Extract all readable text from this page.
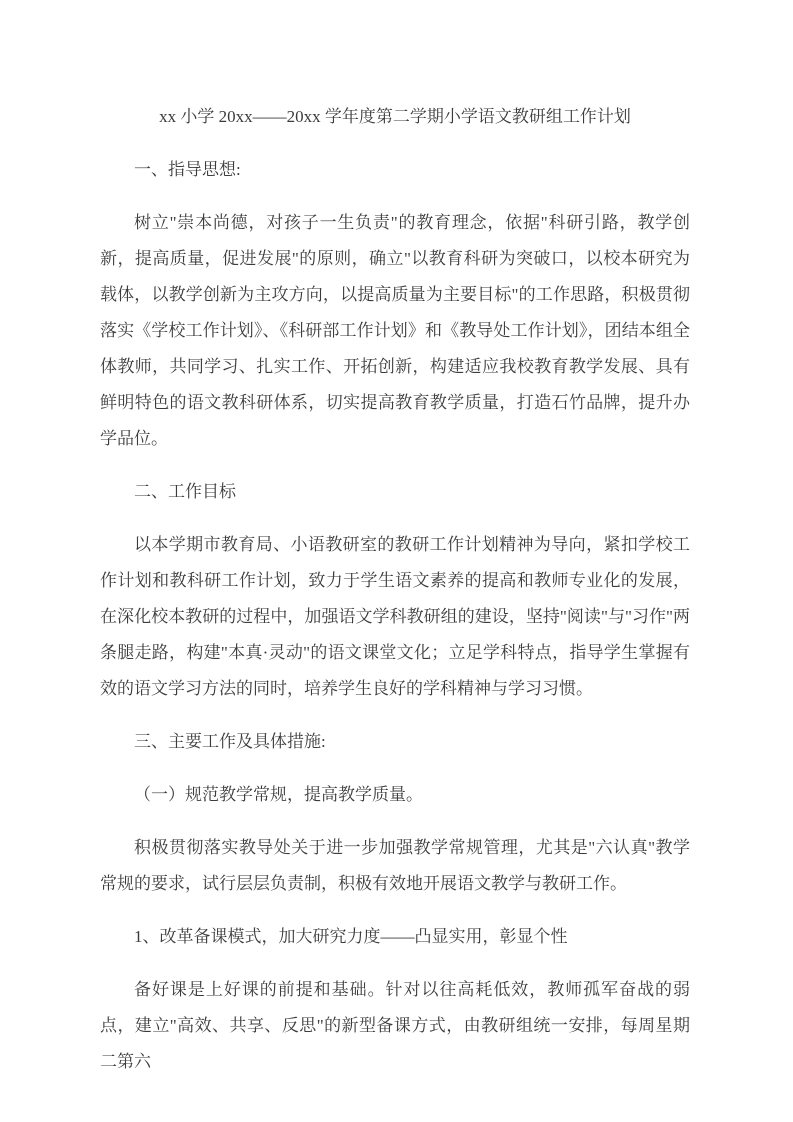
xx 小学 20xx——20xx 学年度第二学期小学语文教研组工作计划

一、指导思想:

树立"崇本尚德，对孩子一生负责"的教育理念，依据"科研引路，教学创新，提高质量，促进发展"的原则，确立"以教育科研为突破口，以校本研究为载体，以教学创新为主攻方向，以提高质量为主要目标"的工作思路，积极贯彻落实《学校工作计划》、《科研部工作计划》和《教导处工作计划》，团结本组全体教师，共同学习、扎实工作、开拓创新，构建适应我校教育教学发展、具有鲜明特色的语文教科研体系，切实提高教育教学质量，打造石竹品牌，提升办学品位。

二、工作目标

以本学期市教育局、小语教研室的教研工作计划精神为导向，紧扣学校工作计划和教科研工作计划，致力于学生语文素养的提高和教师专业化的发展，在深化校本教研的过程中，加强语文学科教研组的建设，坚持"阅读"与"习作"两条腿走路，构建"本真·灵动"的语文课堂文化；立足学科特点，指导学生掌握有效的语文学习方法的同时，培养学生良好的学科精神与学习习惯。

三、主要工作及具体措施:

（一）规范教学常规，提高教学质量。

积极贯彻落实教导处关于进一步加强教学常规管理，尤其是"六认真"教学常规的要求，试行层层负责制，积极有效地开展语文教学与教研工作。

1、改革备课模式，加大研究力度——凸显实用，彰显个性

备好课是上好课的前提和基础。针对以往高耗低效，教师孤军奋战的弱点，建立"高效、共享、反思"的新型备课方式，由教研组统一安排，每周星期二第六
